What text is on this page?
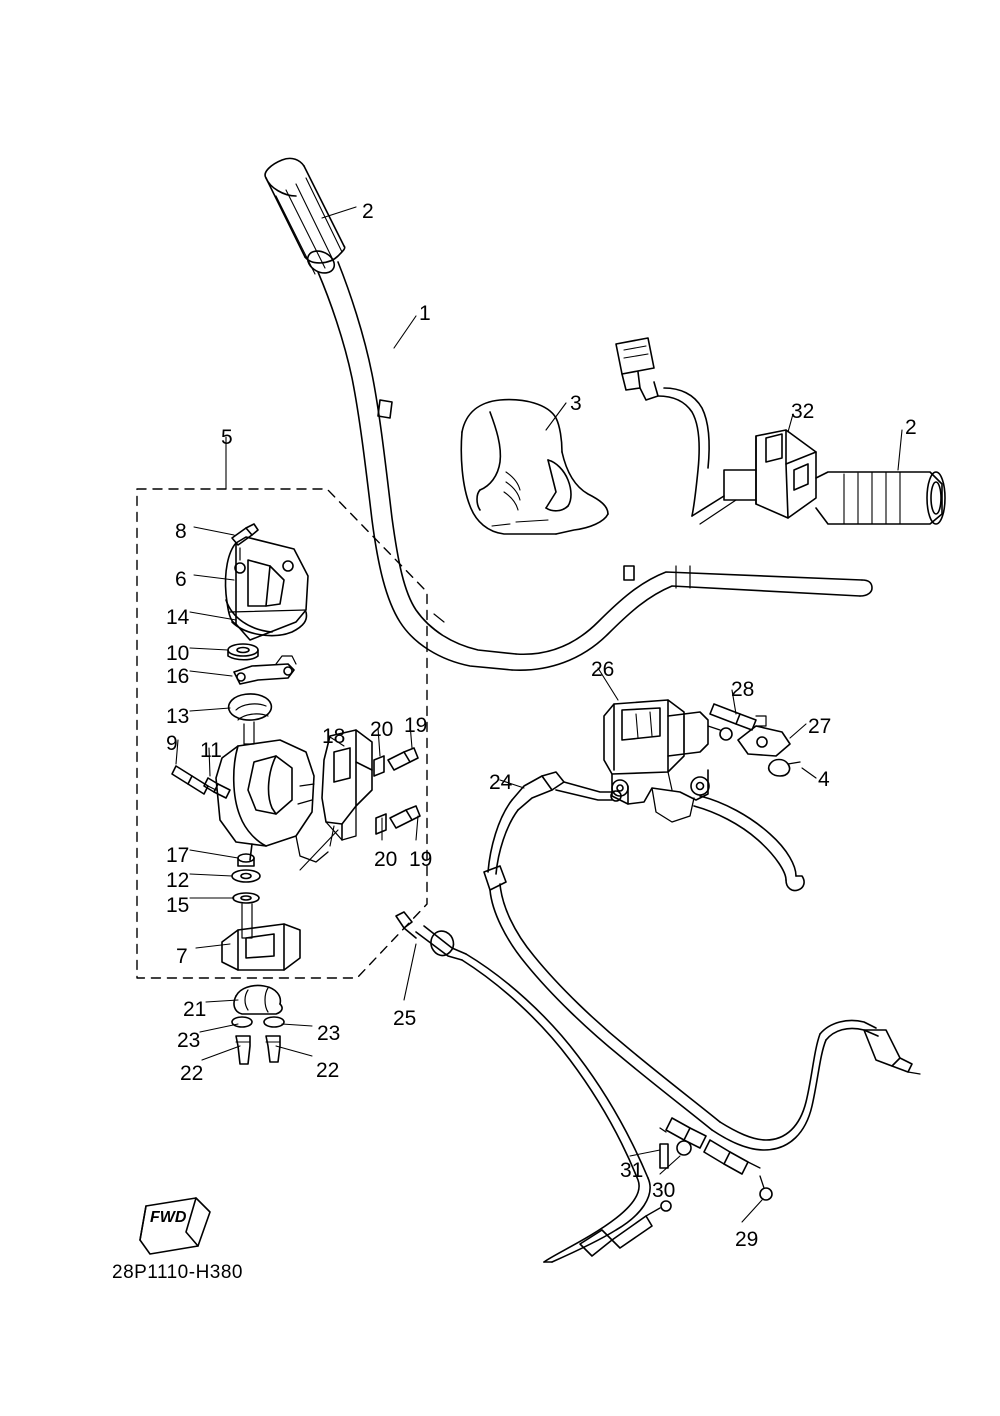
2
1
3	32
2
5
8
6
14
10
16
13
26
28
27
18 20 19
9 11
24	4
20 19
17
12
15
7
21
23	23
22	22
25
31
30
29
FWD
28P1110-H380
